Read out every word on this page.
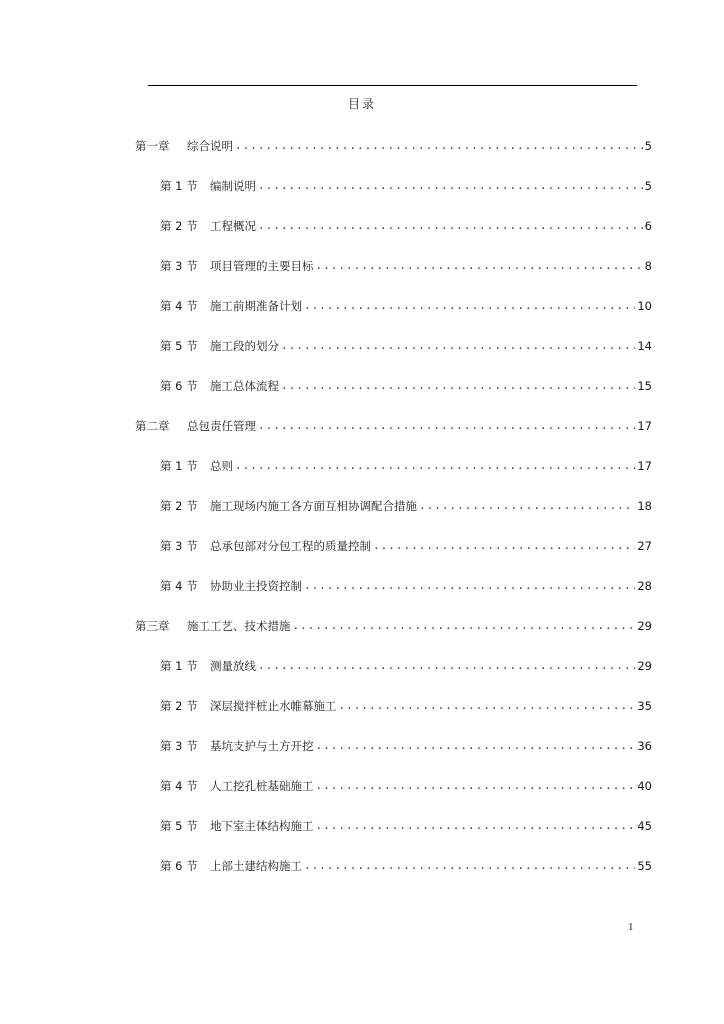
目录
第一章	综合说明 .....	5
第 1 节	编制说明 .....	5
第 2 节	工程概况 .....	6
第 3 节	项目管理的主要目标 .....	8
第 4 节	施工前期准备计划 .....	10
第 5 节	施工段的划分 .....	14
第 6 节	施工总体流程 .....	15
第二章	总包责任管理 .....	17
第 1 节	总则 .....	17
第 2 节	施工现场内施工各方面互相协调配合措施 .....	18
第 3 节	总承包部对分包工程的质量控制 .....	27
第 4 节	协助业主投资控制 .....	28
第三章	施工工艺、技术措施 .....	29
第 1 节	测量放线 .....	29
第 2 节	深层搅拌桩止水帷幕施工 .....	35
第 3 节	基坑支护与土方开挖 .....	36
第 4 节	人工挖孔桩基础施工 .....	40
第 5 节	地下室主体结构施工 .....	45
第 6 节	上部土建结构施工 .....	55
1
